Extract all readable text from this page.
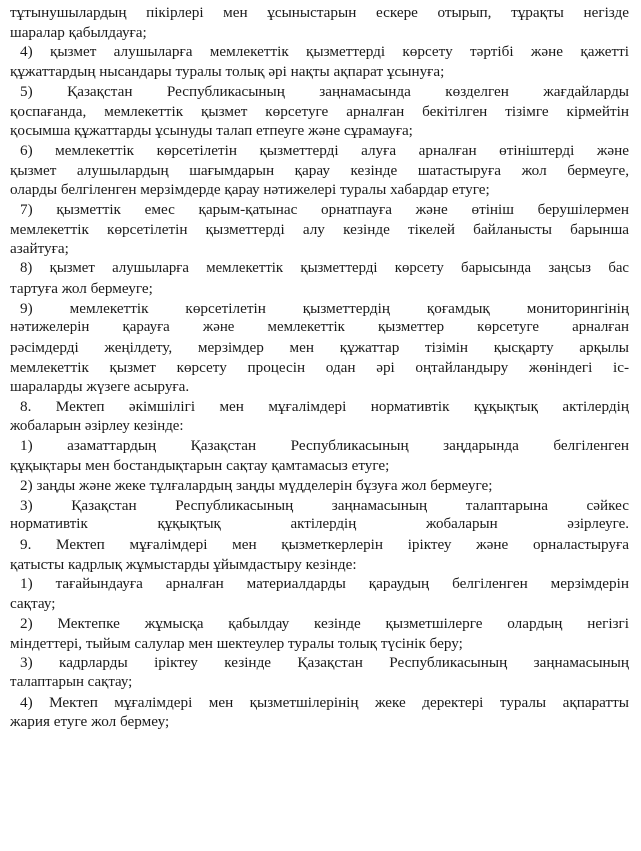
тұтынушылардың пікірлері мен ұсыныстарын ескере отырып, тұрақты негізде
шаралар қабылдауға;
4) қызмет алушыларға мемлекеттік қызметтерді көрсету тәртібі және қажетті
құжаттардың нысандары туралы толық әрі нақты ақпарат ұсынуға;
5) Қазақстан Республикасының заңнамасында көзделген жағдайларды
қоспағанда, мемлекеттік қызмет көрсетуге арналған бекітілген тізімге кірмейтін
қосымша құжаттарды ұсынуды талап етпеуге және сұрамауға;
6) мемлекеттік көрсетілетін қызметтерді алуға арналған өтініштерді және
қызмет алушылардың шағымдарын қарау кезінде шатастыруға жол бермеуге,
оларды белгіленген мерзімдерде қарау нәтижелері туралы хабардар етуге;
7) қызметтік емес қарым-қатынас орнатпауға және өтініш берушілермен
мемлекеттік көрсетілетін қызметтерді алу кезінде тікелей байланысты барынша
азайтуға;
8) қызмет алушыларға мемлекеттік қызметтерді көрсету барысында заңсыз бас
тартуға жол бермеуге;
9) мемлекеттік көрсетілетін қызметтердің қоғамдық мониторингінің
нәтижелерін қарауға және мемлекеттік қызметтер көрсетуге арналған
рәсімдерді жеңілдету, мерзімдер мен құжаттар тізімін қысқарту арқылы
мемлекеттік қызмет көрсету процесін одан әрі оңтайландыру жөніндегі іс-
шараларды жүзеге асыруға.
8. Мектеп әкімшілігі мен мұғалімдері нормативтік құқықтық актілердің
жобаларын әзірлеу кезінде:
1) азаматтардың Қазақстан Республикасының заңдарында белгіленген
құқықтары мен бостандықтарын сақтау қамтамасыз етуге;
2) заңды және жеке тұлғалардың заңды мүдделерін бұзуға жол бермеуге;
3) Қазақстан Республикасының заңнамасының талаптарына сәйкес
нормативтік құқықтық актілердің жобаларын әзірлеуге.
9. Мектеп мұғалімдері мен қызметкерлерін іріктеу және орналастыруға
қатысты кадрлық жұмыстарды ұйымдастыру кезінде:
1) тағайындауға арналған материалдарды қараудың белгіленген мерзімдерін
сақтау;
2) Мектепке жұмысқа қабылдау кезінде қызметшілерге олардың негізгі
міндеттері, тыйым салулар мен шектеулер туралы толық түсінік беру;
3) кадрларды іріктеу кезінде Қазақстан Республикасының заңнамасының
талаптарын сақтау;
4) Мектеп мұғалімдері мен қызметшілерінің жеке деректері туралы ақпаратты
жария етуге жол бермеу;
